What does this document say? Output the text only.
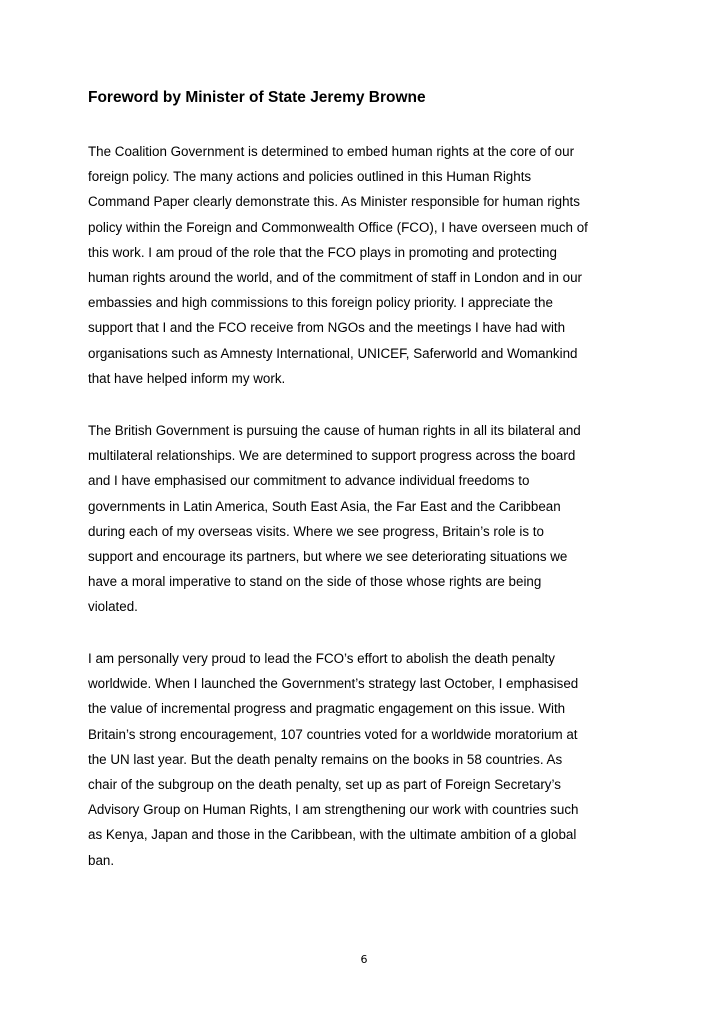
Foreword by Minister of State Jeremy Browne
The Coalition Government is determined to embed human rights at the core of our
foreign policy. The many actions and policies outlined in this Human Rights
Command Paper clearly demonstrate this. As Minister responsible for human rights
policy within the Foreign and Commonwealth Office (FCO), I have overseen much of
this work. I am proud of the role that the FCO plays in promoting and protecting
human rights around the world, and of the commitment of staff in London and in our
embassies and high commissions to this foreign policy priority. I appreciate the
support that I and the FCO receive from NGOs and the meetings I have had with
organisations such as Amnesty International, UNICEF, Saferworld and Womankind
that have helped inform my work.
The British Government is pursuing the cause of human rights in all its bilateral and
multilateral relationships. We are determined to support progress across the board
and I have emphasised our commitment to advance individual freedoms to
governments in Latin America, South East Asia, the Far East and the Caribbean
during each of my overseas visits. Where we see progress, Britain’s role is to
support and encourage its partners, but where we see deteriorating situations we
have a moral imperative to stand on the side of those whose rights are being
violated.
I am personally very proud to lead the FCO’s effort to abolish the death penalty
worldwide. When I launched the Government’s strategy last October, I emphasised
the value of incremental progress and pragmatic engagement on this issue. With
Britain’s strong encouragement, 107 countries voted for a worldwide moratorium at
the UN last year. But the death penalty remains on the books in 58 countries. As
chair of the subgroup on the death penalty, set up as part of Foreign Secretary’s
Advisory Group on Human Rights, I am strengthening our work with countries such
as Kenya, Japan and those in the Caribbean, with the ultimate ambition of a global
ban.
6
